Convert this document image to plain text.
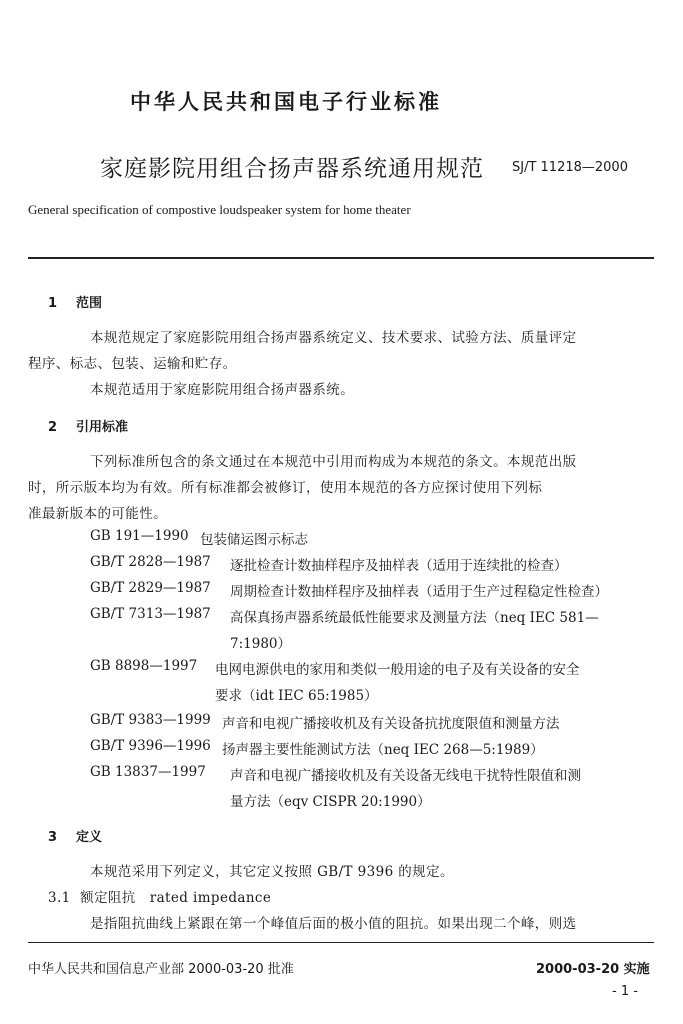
中华人民共和国电子行业标准
家庭影院用组合扬声器系统通用规范 SJ/T 11218—2000
General specification of compostive loudspeaker system for home theater
1 范围
本规范规定了家庭影院用组合扬声器系统定义、技术要求、试验方法、质量评定
程序、标志、包装、运输和贮存。
本规范适用于家庭影院用组合扬声器系统。
2 引用标准
下列标准所包含的条文通过在本规范中引用而构成为本规范的条文。本规范出版
时，所示版本均为有效。所有标准都会被修订，使用本规范的各方应探讨使用下列标
准最新版本的可能性。
GB 191—1990 包装储运图示标志
GB/T 2828—1987 逐批检查计数抽样程序及抽样表（适用于连续批的检查）
GB/T 2829—1987 周期检查计数抽样程序及抽样表（适用于生产过程稳定性检查）
GB/T 7313—1987 高保真扬声器系统最低性能要求及测量方法（neq IEC 581—
7:1980）
GB 8898—1997 电网电源供电的家用和类似一般用途的电子及有关设备的安全
要求（idt IEC 65:1985）
GB/T 9383—1999 声音和电视广播接收机及有关设备抗扰度限值和测量方法
GB/T 9396—1996 扬声器主要性能测试方法（neq IEC 268—5:1989）
GB 13837—1997 声音和电视广播接收机及有关设备无线电干扰特性限值和测
量方法（eqv CISPR 20:1990）
3 定义
本规范采用下列定义，其它定义按照 GB/T 9396 的规定。
3.1 额定阻抗 rated impedance
是指阻抗曲线上紧跟在第一个峰值后面的极小值的阻抗。如果出现二个峰，则选
中华人民共和国信息产业部 2000-03-20 批准	2000-03-20 实施
- 1 -
